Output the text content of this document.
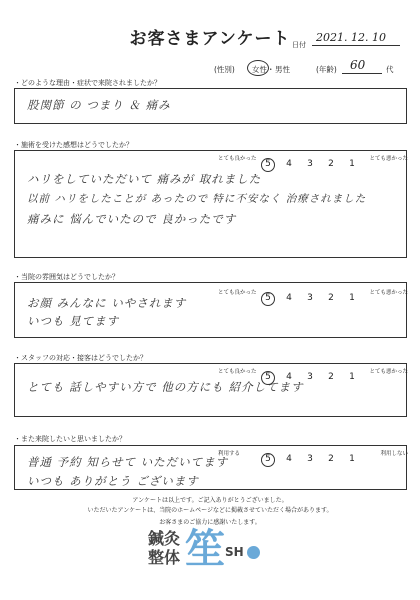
お客さまアンケート 日付
2021. 12. 10
(性別) 女性 ・ 男性	(年齢) 60	代
・どのような理由・症状で来院されましたか？
股関節 の つまり ＆ 痛み
・施術を受けた感想はどうでしたか？
とても良かった 5	4	3	2	1	とても悪かった
ハリをしていただいて 痛みが 取れました
以前 ハリをしたことが あったので 特に不安なく 治療されました
痛みに 悩んでいたので 良かったです
・当院の雰囲気はどうでしたか？
お顔 みんなに いやされます
いつも 見てます
とても良かった 5	4	3	2	1	とても悪かった
・スタッフの対応・接客はどうでしたか？
とても 話しやすい方で 他の方にも 紹介してます
とても良かった 5	4	3	2	1	とても悪かった
・また来院したいと思いましたか？
普通 予約 知らせて いただいてます
いつも ありがとう ございます
利用する	5	4	3	2	1	利用しない
アンケートは以上です。ご記入ありがとうございました。
いただいたアンケートは、当院のホームページなどに掲載させていただく場合があります。
お客さまのご協力に感謝いたします。
鍼灸
整体 笙 SH
